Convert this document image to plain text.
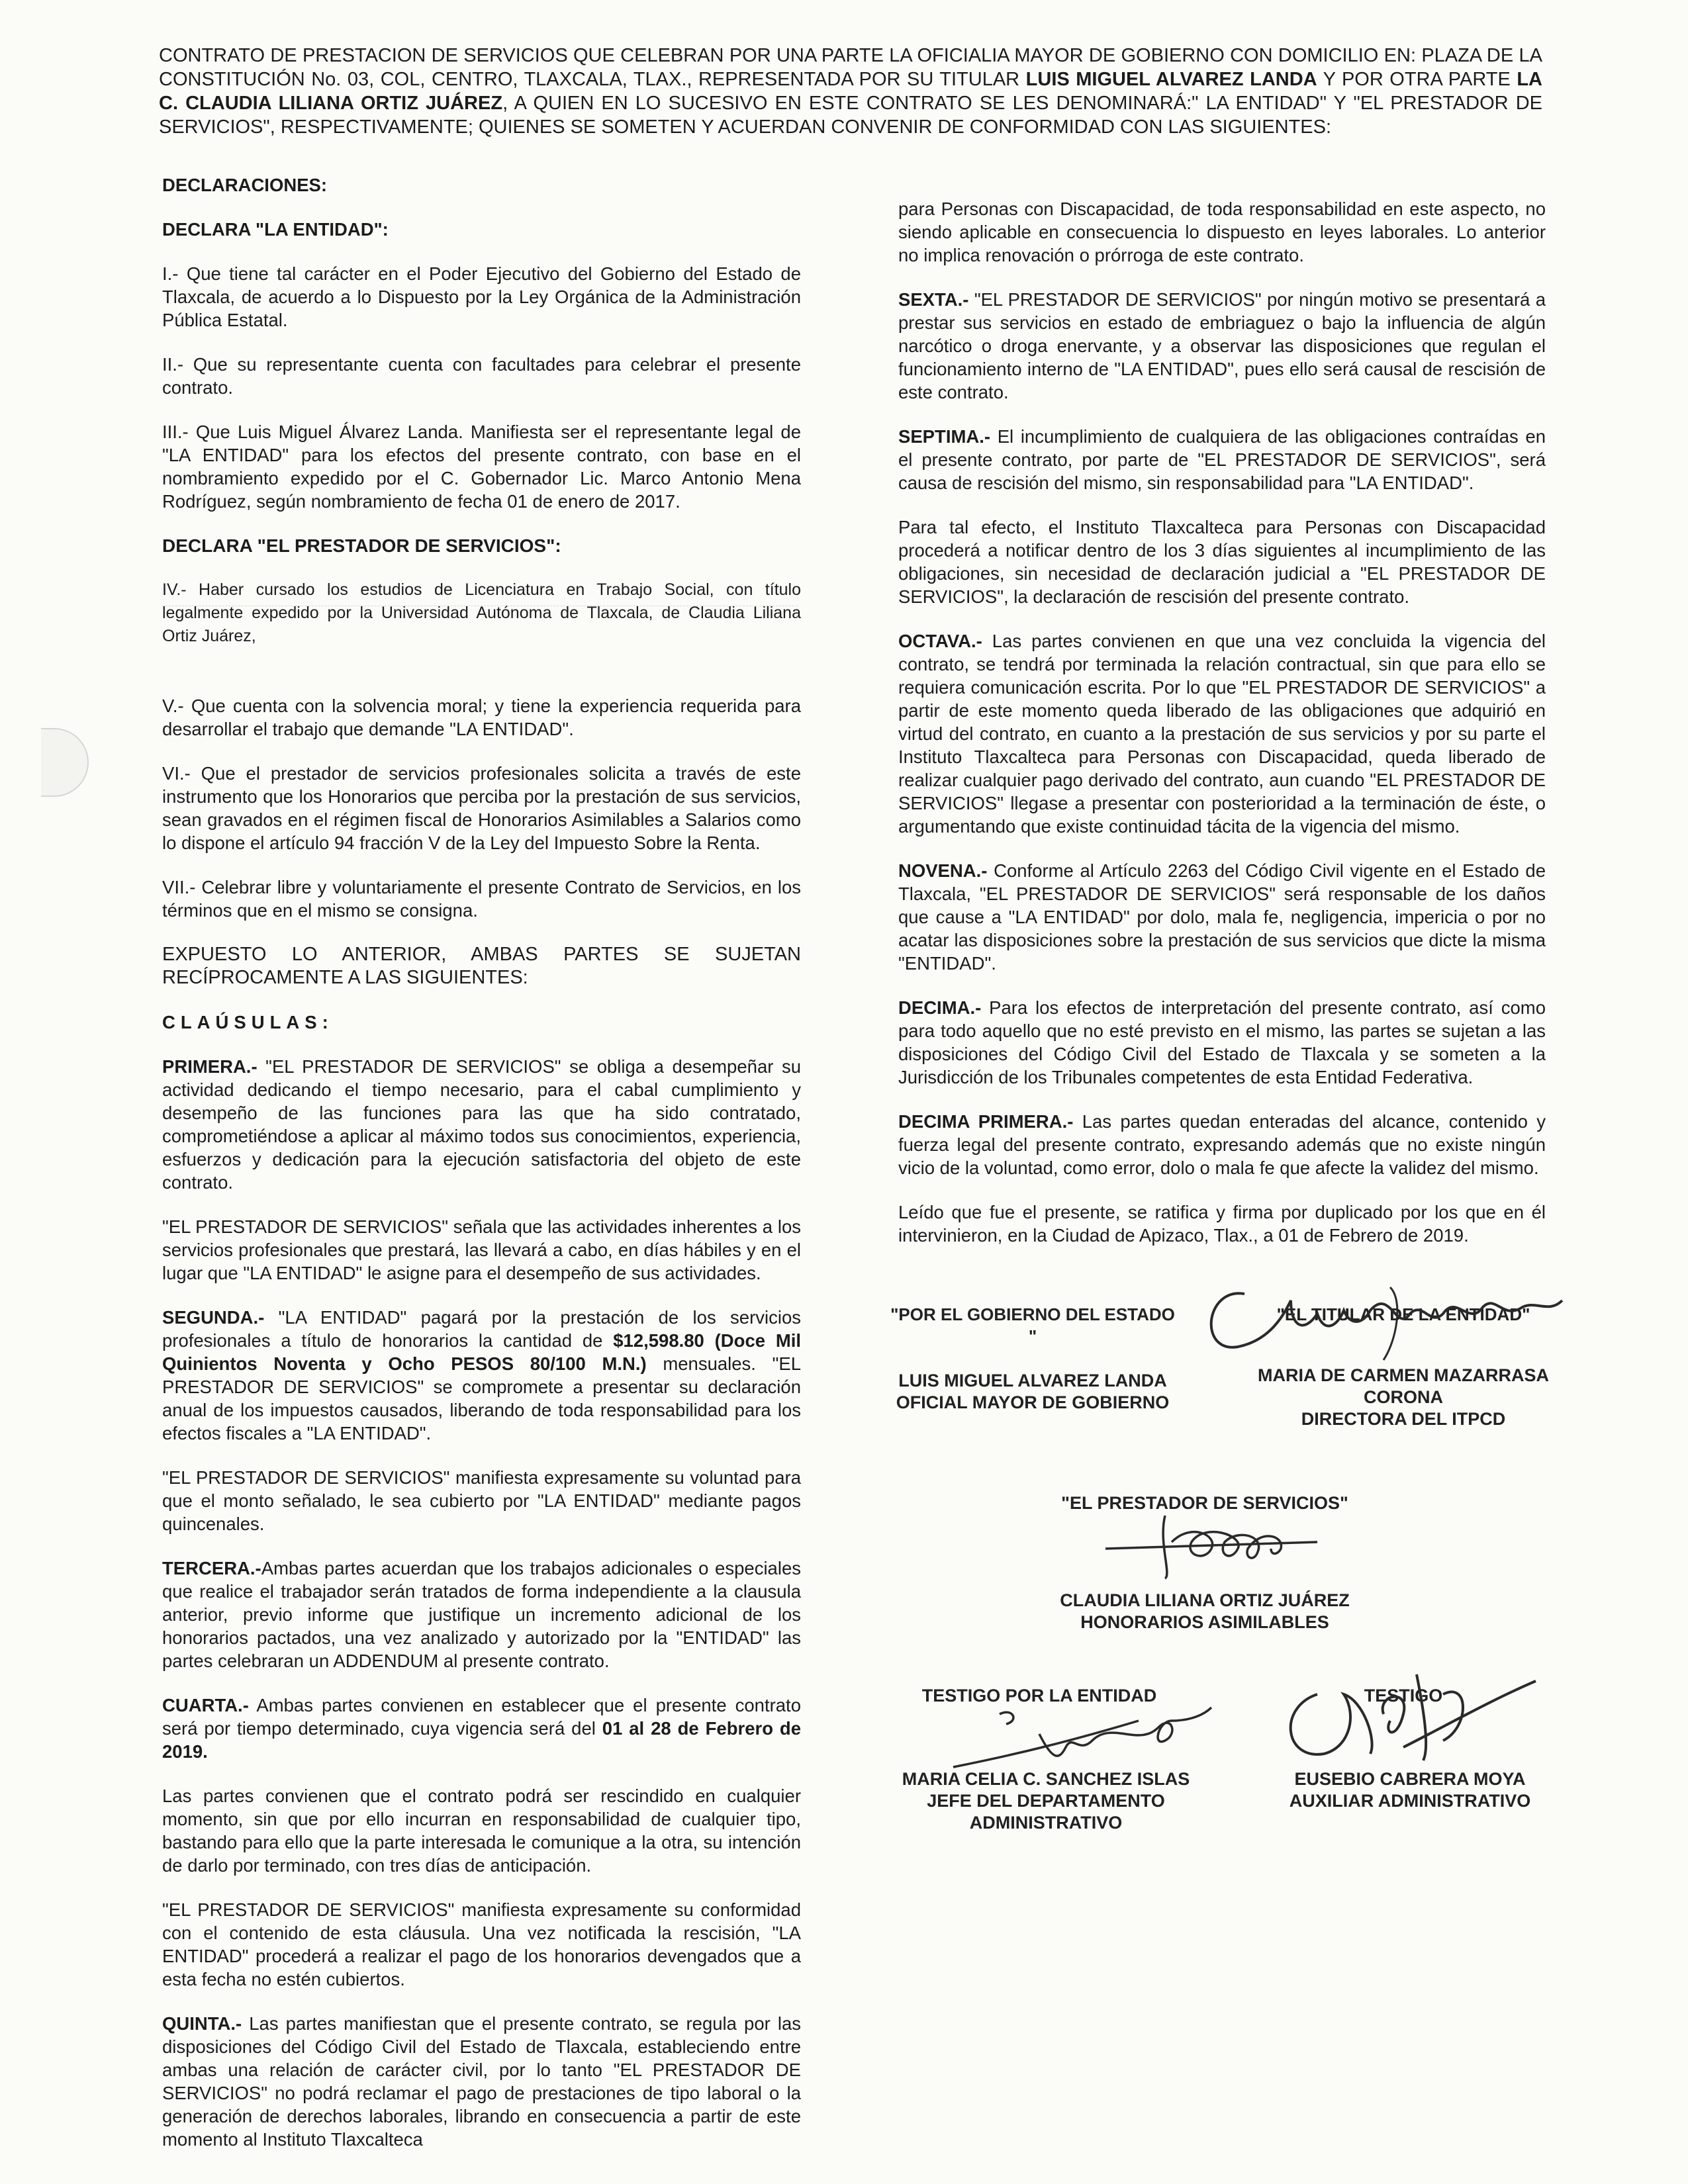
CONTRATO DE PRESTACION DE SERVICIOS QUE CELEBRAN POR UNA PARTE LA OFICIALIA MAYOR DE GOBIERNO CON DOMICILIO EN: PLAZA DE LA CONSTITUCIÓN No. 03, COL, CENTRO, TLAXCALA, TLAX., REPRESENTADA POR SU TITULAR LUIS MIGUEL ALVAREZ LANDA Y POR OTRA PARTE LA C. CLAUDIA LILIANA ORTIZ JUÁREZ, A QUIEN EN LO SUCESIVO EN ESTE CONTRATO SE LES DENOMINARÁ:" LA ENTIDAD" Y "EL PRESTADOR DE SERVICIOS", RESPECTIVAMENTE; QUIENES SE SOMETEN Y ACUERDAN CONVENIR DE CONFORMIDAD CON LAS SIGUIENTES:

DECLARACIONES:

DECLARA "LA ENTIDAD":

I.- Que tiene tal carácter en el Poder Ejecutivo del Gobierno del Estado de Tlaxcala, de acuerdo a lo Dispuesto por la Ley Orgánica de la Administración Pública Estatal.

II.- Que su representante cuenta con facultades para celebrar el presente contrato.

III.- Que Luis Miguel Álvarez Landa. Manifiesta ser el representante legal de "LA ENTIDAD" para los efectos del presente contrato, con base en el nombramiento expedido por el C. Gobernador Lic. Marco Antonio Mena Rodríguez, según nombramiento de fecha 01 de enero de 2017.

DECLARA "EL PRESTADOR DE SERVICIOS":

IV.- Haber cursado los estudios de Licenciatura en Trabajo Social, con título legalmente expedido por la Universidad Autónoma de Tlaxcala, de Claudia Liliana Ortiz Juárez,

V.- Que cuenta con la solvencia moral; y tiene la experiencia requerida para desarrollar el trabajo que demande "LA ENTIDAD".

VI.- Que el prestador de servicios profesionales solicita a través de este instrumento que los Honorarios que perciba por la prestación de sus servicios, sean gravados en el régimen fiscal de Honorarios Asimilables a Salarios como lo dispone el artículo 94 fracción V de la Ley del Impuesto Sobre la Renta.

VII.- Celebrar libre y voluntariamente el presente Contrato de Servicios, en los términos que en el mismo se consigna.

EXPUESTO LO ANTERIOR, AMBAS PARTES SE SUJETAN RECÍPROCAMENTE A LAS SIGUIENTES:

CLAÚSULAS:

PRIMERA.- "EL PRESTADOR DE SERVICIOS" se obliga a desempeñar su actividad dedicando el tiempo necesario, para el cabal cumplimiento y desempeño de las funciones para las que ha sido contratado, comprometiéndose a aplicar al máximo todos sus conocimientos, experiencia, esfuerzos y dedicación para la ejecución satisfactoria del objeto de este contrato.

"EL PRESTADOR DE SERVICIOS" señala que las actividades inherentes a los servicios profesionales que prestará, las llevará a cabo, en días hábiles y en el lugar que "LA ENTIDAD" le asigne para el desempeño de sus actividades.

SEGUNDA.- "LA ENTIDAD" pagará por la prestación de los servicios profesionales a título de honorarios la cantidad de $12,598.80 (Doce Mil Quinientos Noventa y Ocho PESOS 80/100 M.N.) mensuales. "EL PRESTADOR DE SERVICIOS" se compromete a presentar su declaración anual de los impuestos causados, liberando de toda responsabilidad para los efectos fiscales a "LA ENTIDAD".

"EL PRESTADOR DE SERVICIOS" manifiesta expresamente su voluntad para que el monto señalado, le sea cubierto por "LA ENTIDAD" mediante pagos quincenales.

TERCERA.-Ambas partes acuerdan que los trabajos adicionales o especiales que realice el trabajador serán tratados de forma independiente a la clausula anterior, previo informe que justifique un incremento adicional de los honorarios pactados, una vez analizado y autorizado por la "ENTIDAD" las partes celebraran un ADDENDUM al presente contrato.

CUARTA.- Ambas partes convienen en establecer que el presente contrato será por tiempo determinado, cuya vigencia será del 01 al 28 de Febrero de 2019.

Las partes convienen que el contrato podrá ser rescindido en cualquier momento, sin que por ello incurran en responsabilidad de cualquier tipo, bastando para ello que la parte interesada le comunique a la otra, su intención de darlo por terminado, con tres días de anticipación.

"EL PRESTADOR DE SERVICIOS" manifiesta expresamente su conformidad con el contenido de esta cláusula. Una vez notificada la rescisión, "LA ENTIDAD" procederá a realizar el pago de los honorarios devengados que a esta fecha no estén cubiertos.

QUINTA.- Las partes manifiestan que el presente contrato, se regula por las disposiciones del Código Civil del Estado de Tlaxcala, estableciendo entre ambas una relación de carácter civil, por lo tanto "EL PRESTADOR DE SERVICIOS" no podrá reclamar el pago de prestaciones de tipo laboral o la generación de derechos laborales, librando en consecuencia a partir de este momento al Instituto Tlaxcalteca

para Personas con Discapacidad, de toda responsabilidad en este aspecto, no siendo aplicable en consecuencia lo dispuesto en leyes laborales. Lo anterior no implica renovación o prórroga de este contrato.

SEXTA.- "EL PRESTADOR DE SERVICIOS" por ningún motivo se presentará a prestar sus servicios en estado de embriaguez o bajo la influencia de algún narcótico o droga enervante, y a observar las disposiciones que regulan el funcionamiento interno de "LA ENTIDAD", pues ello será causal de rescisión de este contrato.

SEPTIMA.- El incumplimiento de cualquiera de las obligaciones contraídas en el presente contrato, por parte de "EL PRESTADOR DE SERVICIOS", será causa de rescisión del mismo, sin responsabilidad para "LA ENTIDAD".

Para tal efecto, el Instituto Tlaxcalteca para Personas con Discapacidad procederá a notificar dentro de los 3 días siguientes al incumplimiento de las obligaciones, sin necesidad de declaración judicial a "EL PRESTADOR DE SERVICIOS", la declaración de rescisión del presente contrato.

OCTAVA.- Las partes convienen en que una vez concluida la vigencia del contrato, se tendrá por terminada la relación contractual, sin que para ello se requiera comunicación escrita. Por lo que "EL PRESTADOR DE SERVICIOS" a partir de este momento queda liberado de las obligaciones que adquirió en virtud del contrato, en cuanto a la prestación de sus servicios y por su parte el Instituto Tlaxcalteca para Personas con Discapacidad, queda liberado de realizar cualquier pago derivado del contrato, aun cuando "EL PRESTADOR DE SERVICIOS" llegase a presentar con posterioridad a la terminación de éste, o argumentando que existe continuidad tácita de la vigencia del mismo.

NOVENA.- Conforme al Artículo 2263 del Código Civil vigente en el Estado de Tlaxcala, "EL PRESTADOR DE SERVICIOS" será responsable de los daños que cause a "LA ENTIDAD" por dolo, mala fe, negligencia, impericia o por no acatar las disposiciones sobre la prestación de sus servicios que dicte la misma "ENTIDAD".

DECIMA.- Para los efectos de interpretación del presente contrato, así como para todo aquello que no esté previsto en el mismo, las partes se sujetan a las disposiciones del Código Civil del Estado de Tlaxcala y se someten a la Jurisdicción de los Tribunales competentes de esta Entidad Federativa.

DECIMA PRIMERA.- Las partes quedan enteradas del alcance, contenido y fuerza legal del presente contrato, expresando además que no existe ningún vicio de la voluntad, como error, dolo o mala fe que afecte la validez del mismo.

Leído que fue el presente, se ratifica y firma por duplicado por los que en él intervinieron, en la Ciudad de Apizaco, Tlax., a 01 de Febrero de 2019.

"POR EL GOBIERNO DEL ESTADO "
LUIS MIGUEL ALVAREZ LANDA
OFICIAL MAYOR DE GOBIERNO
"EL TITULAR DE LA ENTIDAD"
MARIA DE CARMEN MAZARRASA
CORONA
DIRECTORA DEL ITPCD
"EL PRESTADOR DE SERVICIOS"
CLAUDIA LILIANA ORTIZ JUÁREZ
HONORARIOS ASIMILABLES
TESTIGO POR LA ENTIDAD
MARIA CELIA C. SANCHEZ ISLAS
JEFE DEL DEPARTAMENTO
ADMINISTRATIVO
TESTIGO
EUSEBIO CABRERA MOYA
AUXILIAR ADMINISTRATIVO
